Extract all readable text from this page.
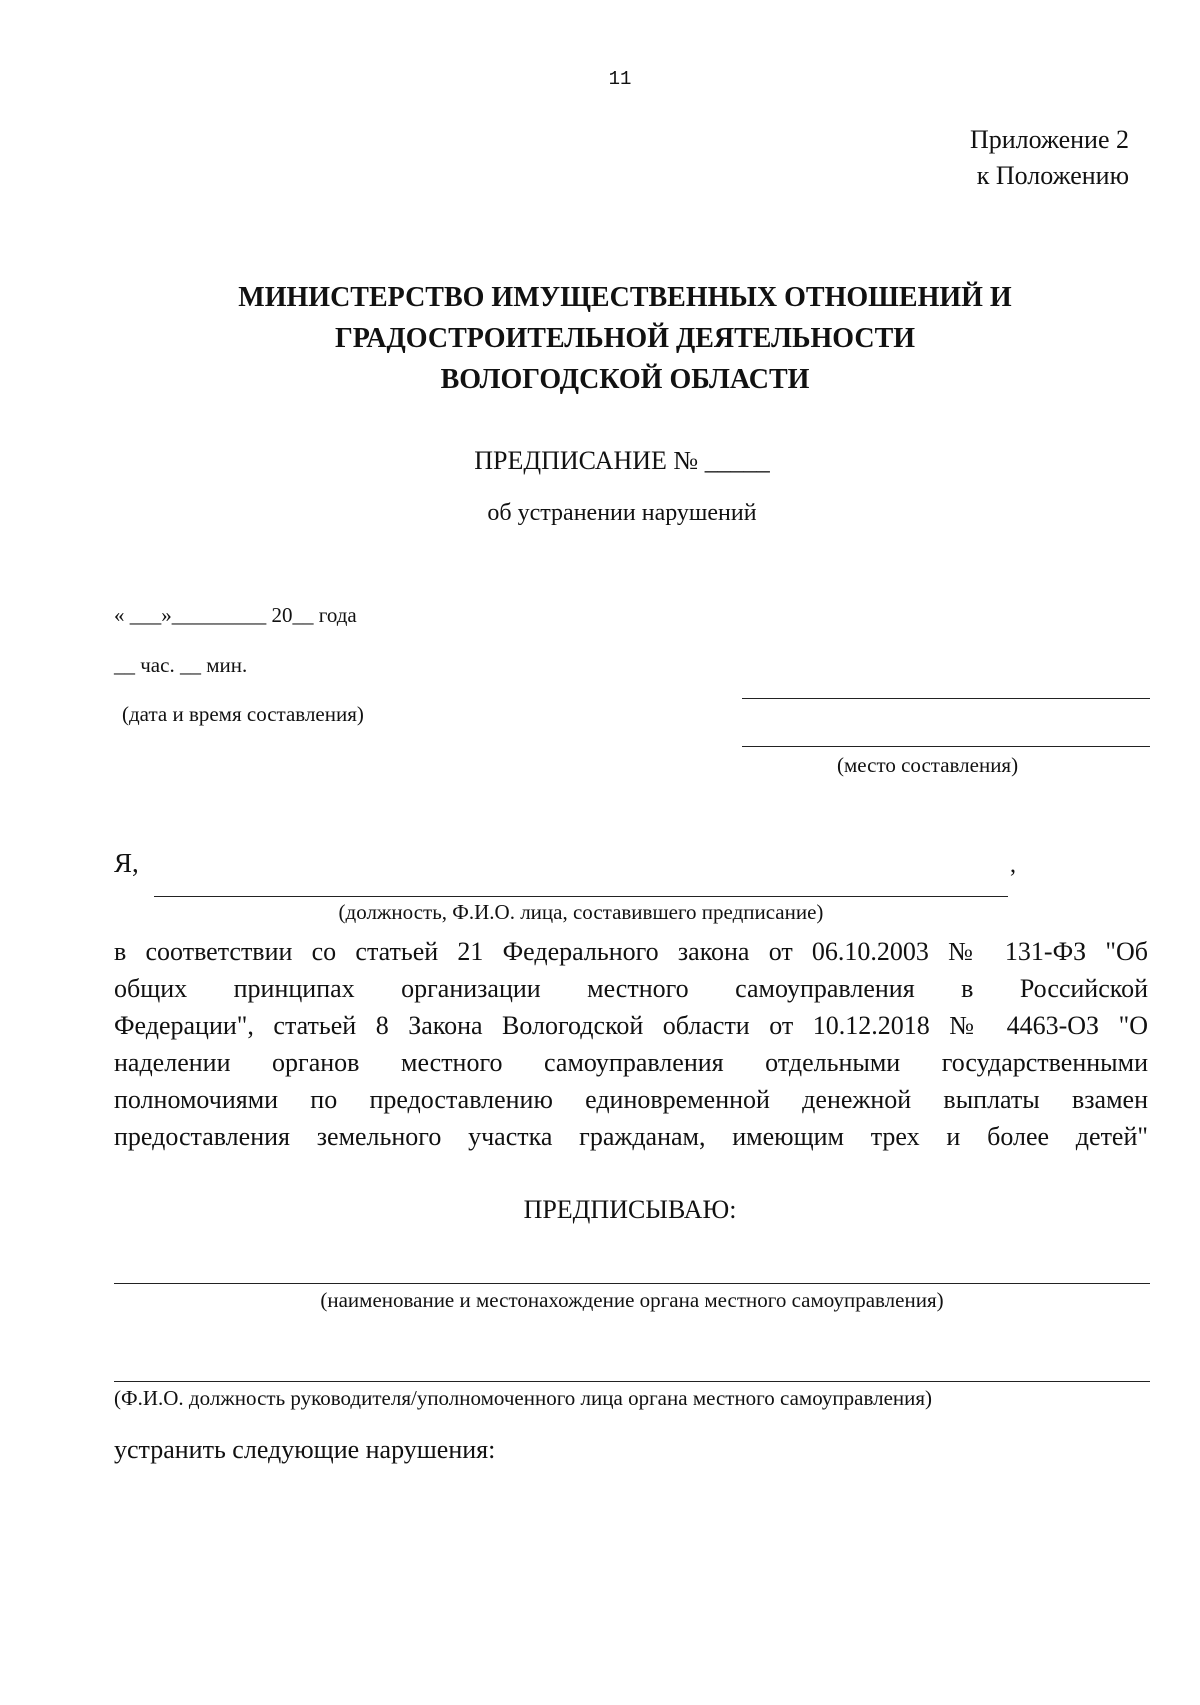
11
Приложение 2
к Положению
МИНИСТЕРСТВО ИМУЩЕСТВЕННЫХ ОТНОШЕНИЙ И
ГРАДОСТРОИТЕЛЬНОЙ ДЕЯТЕЛЬНОСТИ
ВОЛОГОДСКОЙ ОБЛАСТИ
ПРЕДПИСАНИЕ № _____
об устранении нарушений
« ___»_________ 20__ года
__ час. __ мин.
(дата и время составления)
(место составления)
Я,	,
(должность, Ф.И.О. лица, составившего предписание)
в соответствии со статьей 21 Федерального закона от 06.10.2003 № 131-ФЗ "Об
общих принципах организации местного самоуправления в Российской
Федерации", статьей 8 Закона Вологодской области от 10.12.2018 № 4463-ОЗ "О
наделении органов местного самоуправления отдельными государственными
полномочиями по предоставлению единовременной денежной выплаты взамен
предоставления земельного участка гражданам, имеющим трех и более детей"
ПРЕДПИСЫВАЮ:
(наименование и местонахождение органа местного самоуправления)
(Ф.И.О. должность руководителя/уполномоченного лица органа местного самоуправления)
устранить следующие нарушения:
